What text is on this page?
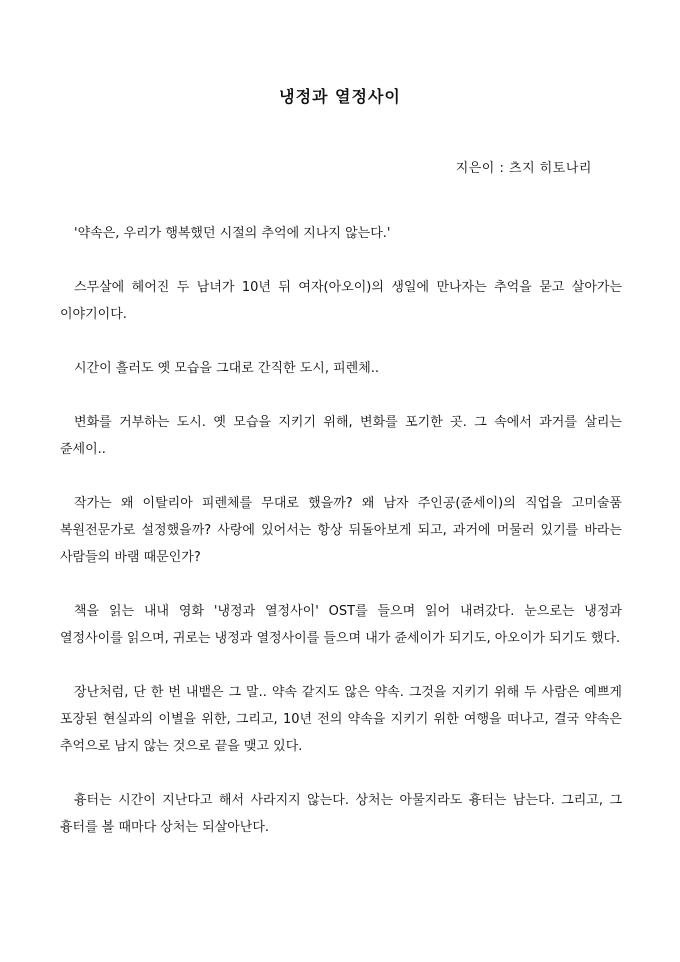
냉정과 열정사이
지은이 : 츠지 히토나리

'약속은, 우리가 행복했던 시절의 추억에 지나지 않는다.'

스무살에 헤어진 두 남녀가 10년 뒤 여자(아오이)의 생일에 만나자는 추억을 묻고 살아가는 이야기이다.

시간이 흘러도 옛 모습을 그대로 간직한 도시, 피렌체..

변화를 거부하는 도시. 옛 모습을 지키기 위해, 변화를 포기한 곳. 그 속에서 과거를 살리는 쥰세이..

작가는 왜 이탈리아 피렌체를 무대로 했을까? 왜 남자 주인공(쥰세이)의 직업을 고미술품 복원전문가로 설정했을까? 사랑에 있어서는 항상 뒤돌아보게 되고, 과거에 머물러 있기를 바라는 사람들의 바램 때문인가?

책을 읽는 내내 영화 '냉정과 열정사이' OST를 들으며 읽어 내려갔다. 눈으로는 냉정과 열정사이를 읽으며, 귀로는 냉정과 열정사이를 들으며 내가 쥰세이가 되기도, 아오이가 되기도 했다.

장난처럼, 단 한 번 내뱉은 그 말.. 약속 같지도 않은 약속. 그것을 지키기 위해 두 사람은 예쁘게 포장된 현실과의 이별을 위한, 그리고, 10년 전의 약속을 지키기 위한 여행을 떠나고, 결국 약속은 추억으로 남지 않는 것으로 끝을 맺고 있다.

흉터는 시간이 지난다고 해서 사라지지 않는다. 상처는 아물지라도 흉터는 남는다. 그리고, 그 흉터를 볼 때마다 상처는 되살아난다.
